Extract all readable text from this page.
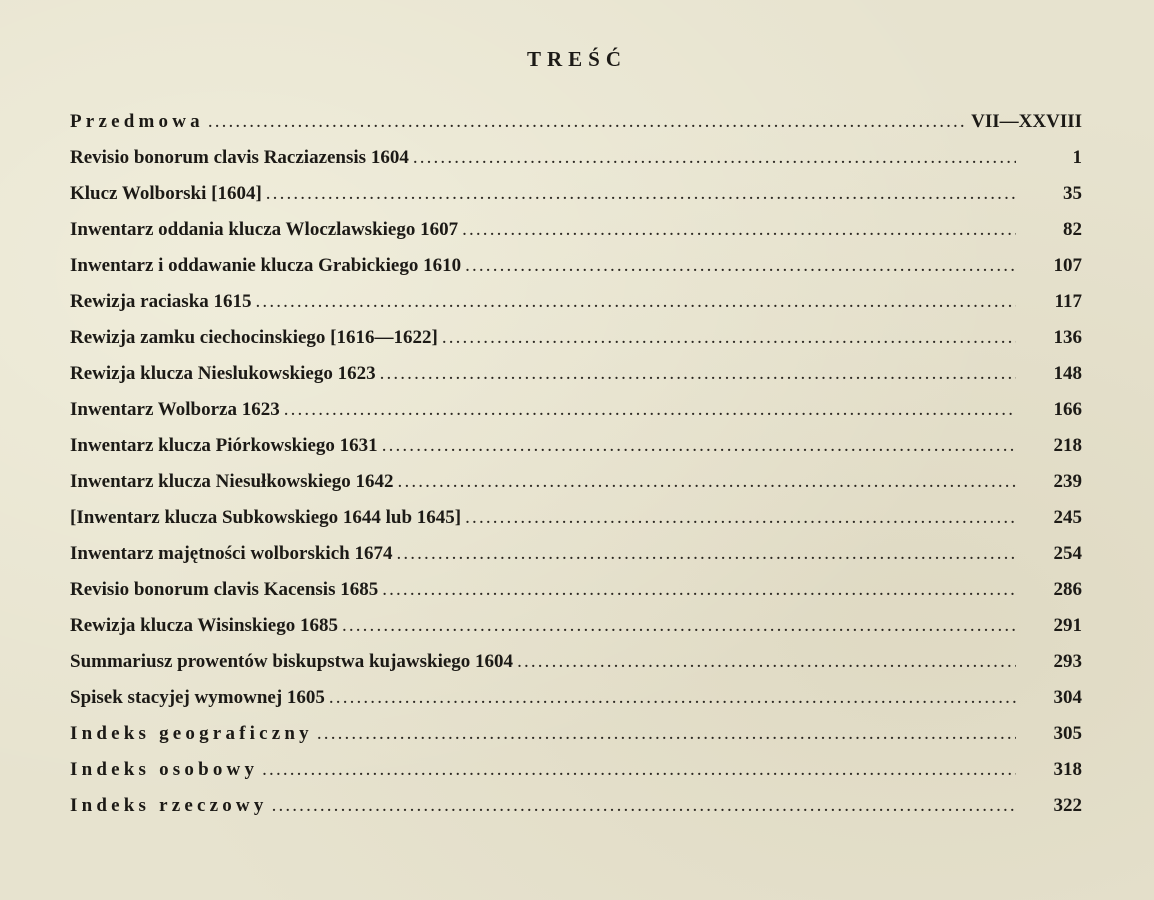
TREŚĆ
Przedmowa . . .	VII—XXVIII
Revisio bonorum clavis Racziazensis 1604 . . .	1
Klucz Wolborski [1604] . . .	35
Inwentarz oddania klucza Wloczlawskiego 1607 . . .	82
Inwentarz i oddawanie klucza Grabickiego 1610 . . .	107
Rewizja raciaska 1615 . . .	117
Rewizja zamku ciechocinskiego [1616—1622] . . .	136
Rewizja klucza Nieslukowskiego 1623 . . .	148
Inwentarz Wolborza 1623 . . .	166
Inwentarz klucza Piórkowskiego 1631 . . .	218
Inwentarz klucza Niesułkowskiego 1642 . . .	239
[Inwentarz klucza Subkowskiego 1644 lub 1645] . . .	245
Inwentarz majętności wolborskich 1674 . . .	254
Revisio bonorum clavis Kacensis 1685 . . .	286
Rewizja klucza Wisinskiego 1685 . . .	291
Summariusz prowentów biskupstwa kujawskiego 1604 . . .	293
Spisek stacyjej wymownej 1605 . . .	304
Indeks geograficzny . . .	305
Indeks osobowy . . .	318
Indeks rzeczowy . . .	322
